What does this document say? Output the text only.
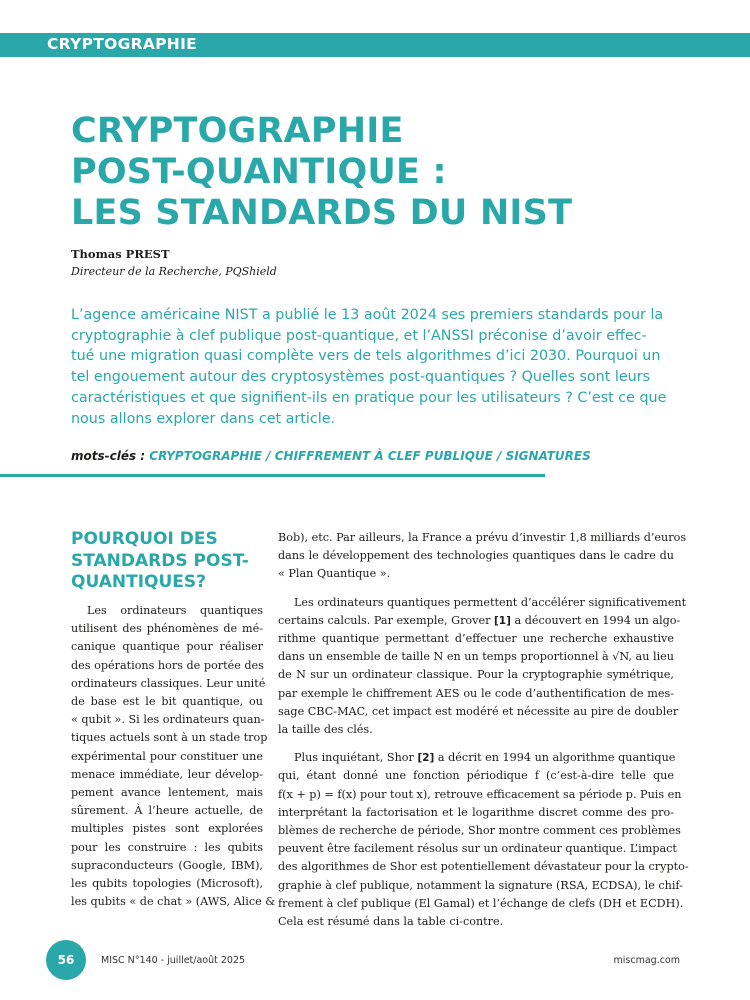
CRYPTOGRAPHIE
CRYPTOGRAPHIE
POST-QUANTIQUE :
LES STANDARDS DU NIST
Thomas PREST
Directeur de la Recherche, PQShield
L’agence américaine NIST a publié le 13 août 2024 ses premiers standards pour la
cryptographie à clef publique post-quantique, et l’ANSSI préconise d’avoir effec-
tué une migration quasi complète vers de tels algorithmes d’ici 2030. Pourquoi un
tel engouement autour des cryptosystèmes post-quantiques ? Quelles sont leurs
caractéristiques et que signifient-ils en pratique pour les utilisateurs ? C’est ce que
nous allons explorer dans cet article.
mots-clés : CRYPTOGRAPHIE / CHIFFREMENT À CLEF PUBLIQUE / SIGNATURES
POURQUOI DES
STANDARDS POST-
QUANTIQUES?
Les ordinateurs quantiques
utilisent des phénomènes de mé-
canique quantique pour réaliser
des opérations hors de portée des
ordinateurs classiques. Leur unité
de base est le bit quantique, ou
« qubit ». Si les ordinateurs quan-
tiques actuels sont à un stade trop
expérimental pour constituer une
menace immédiate, leur dévelop-
pement avance lentement, mais
sûrement. À l’heure actuelle, de
multiples pistes sont explorées
pour les construire : les qubits
supraconducteurs (Google, IBM),
les qubits topologies (Microsoft),
les qubits « de chat » (AWS, Alice &
Bob), etc. Par ailleurs, la France a prévu d’investir 1,8 milliards d’euros
dans le développement des technologies quantiques dans le cadre du
« Plan Quantique ».
Les ordinateurs quantiques permettent d’accélérer significativement
certains calculs. Par exemple, Grover [1] a découvert en 1994 un algo-
rithme quantique permettant d’effectuer une recherche exhaustive
dans un ensemble de taille N en un temps proportionnel à √N, au lieu
de N sur un ordinateur classique. Pour la cryptographie symétrique,
par exemple le chiffrement AES ou le code d’authentification de mes-
sage CBC-MAC, cet impact est modéré et nécessite au pire de doubler
la taille des clés.
Plus inquiétant, Shor [2] a décrit en 1994 un algorithme quantique
qui, étant donné une fonction périodique f (c’est-à-dire telle que
f(x + p) = f(x) pour tout x), retrouve efficacement sa période p. Puis en
interprétant la factorisation et le logarithme discret comme des pro-
blèmes de recherche de période, Shor montre comment ces problèmes
peuvent être facilement résolus sur un ordinateur quantique. L’impact
des algorithmes de Shor est potentiellement dévastateur pour la crypto-
graphie à clef publique, notamment la signature (RSA, ECDSA), le chif-
frement à clef publique (El Gamal) et l’échange de clefs (DH et ECDH).
Cela est résumé dans la table ci-contre.
56	MISC N°140 - juillet/août 2025	miscmag.com
